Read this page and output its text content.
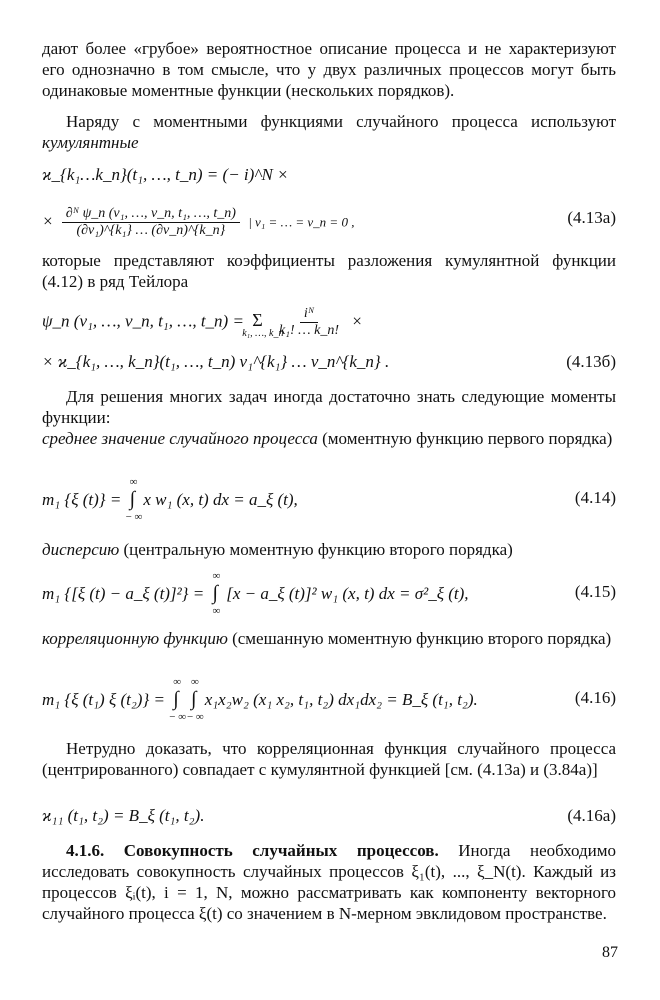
дают более «грубое» вероятностное описание процесса и не характеризуют его однозначно в том смысле, что у двух различных процессов могут быть одинаковые моментные функции (нескольких порядков).

Наряду с моментными функциями случайного процесса используют кумулянтные

ϰ_{k₁…k_n}(t₁, …, t_n) = (− i)^N ×
× $\frac{\text{∂ᴺ ψ\_n (v₁, …, v\_n, t₁, …, t\_n)}}{\text{(∂v₁)\textasciicircum{}\{k₁\} … (∂v\_n)\textasciicircum{}\{k\_n\}}}$ | v₁ = … = v_n = 0 ,	(4.13а)

которые представляют коэффициенты разложения кумулянтной функции (4.12) в ряд Тейлора

ψ_n (v₁, …, v_n, t₁, …, t_n) = Σ
k₁, …, k_n

$\frac{\text{iᴺ}}{\text{k₁! … k\_n!}}$ ×
× ϰ_{k₁, …, k_n}(t₁, …, t_n) v₁^{k₁} … v_n^{k_n} .	(4.13б)

Для решения многих задач иногда достаточно знать следующие моменты функции:

среднее значение случайного процесса (моментную функцию первого порядка)

m₁ {ξ (t)} = ∫
∞
− ∞
x w₁ (x, t) dx = a_ξ (t),	(4.14)

дисперсию (центральную моментную функцию второго порядка)

m₁ {[ξ (t) − a_ξ (t)]²} = ∫
∞
∞
[x − a_ξ (t)]² w₁ (x, t) dx = σ²_ξ (t),	(4.15)

корреляционную функцию (смешанную моментную функцию второго порядка)

m₁ {ξ (t₁) ξ (t₂)} = ∫
∞
− ∞
∫
∞
− ∞
x₁x₂w₂ (x₁ x₂, t₁, t₂) dx₁dx₂ = B_ξ (t₁, t₂).	(4.16)

Нетрудно доказать, что корреляционная функция случайного процесса (центрированного) совпадает с кумулянтной функцией [см. (4.13а) и (3.84а)]

ϰ₁₁ (t₁, t₂) = B_ξ (t₁, t₂).	(4.16а)

4.1.6. Совокупность случайных процессов. Иногда необходимо исследовать совокупность случайных процессов ξ₁(t), ..., ξ_N(t). Каждый из процессов ξᵢ(t), i = 1, N, можно рассматривать как компоненту векторного случайного процесса ξ(t) со значением в N-мерном эвклидовом пространстве.

87
